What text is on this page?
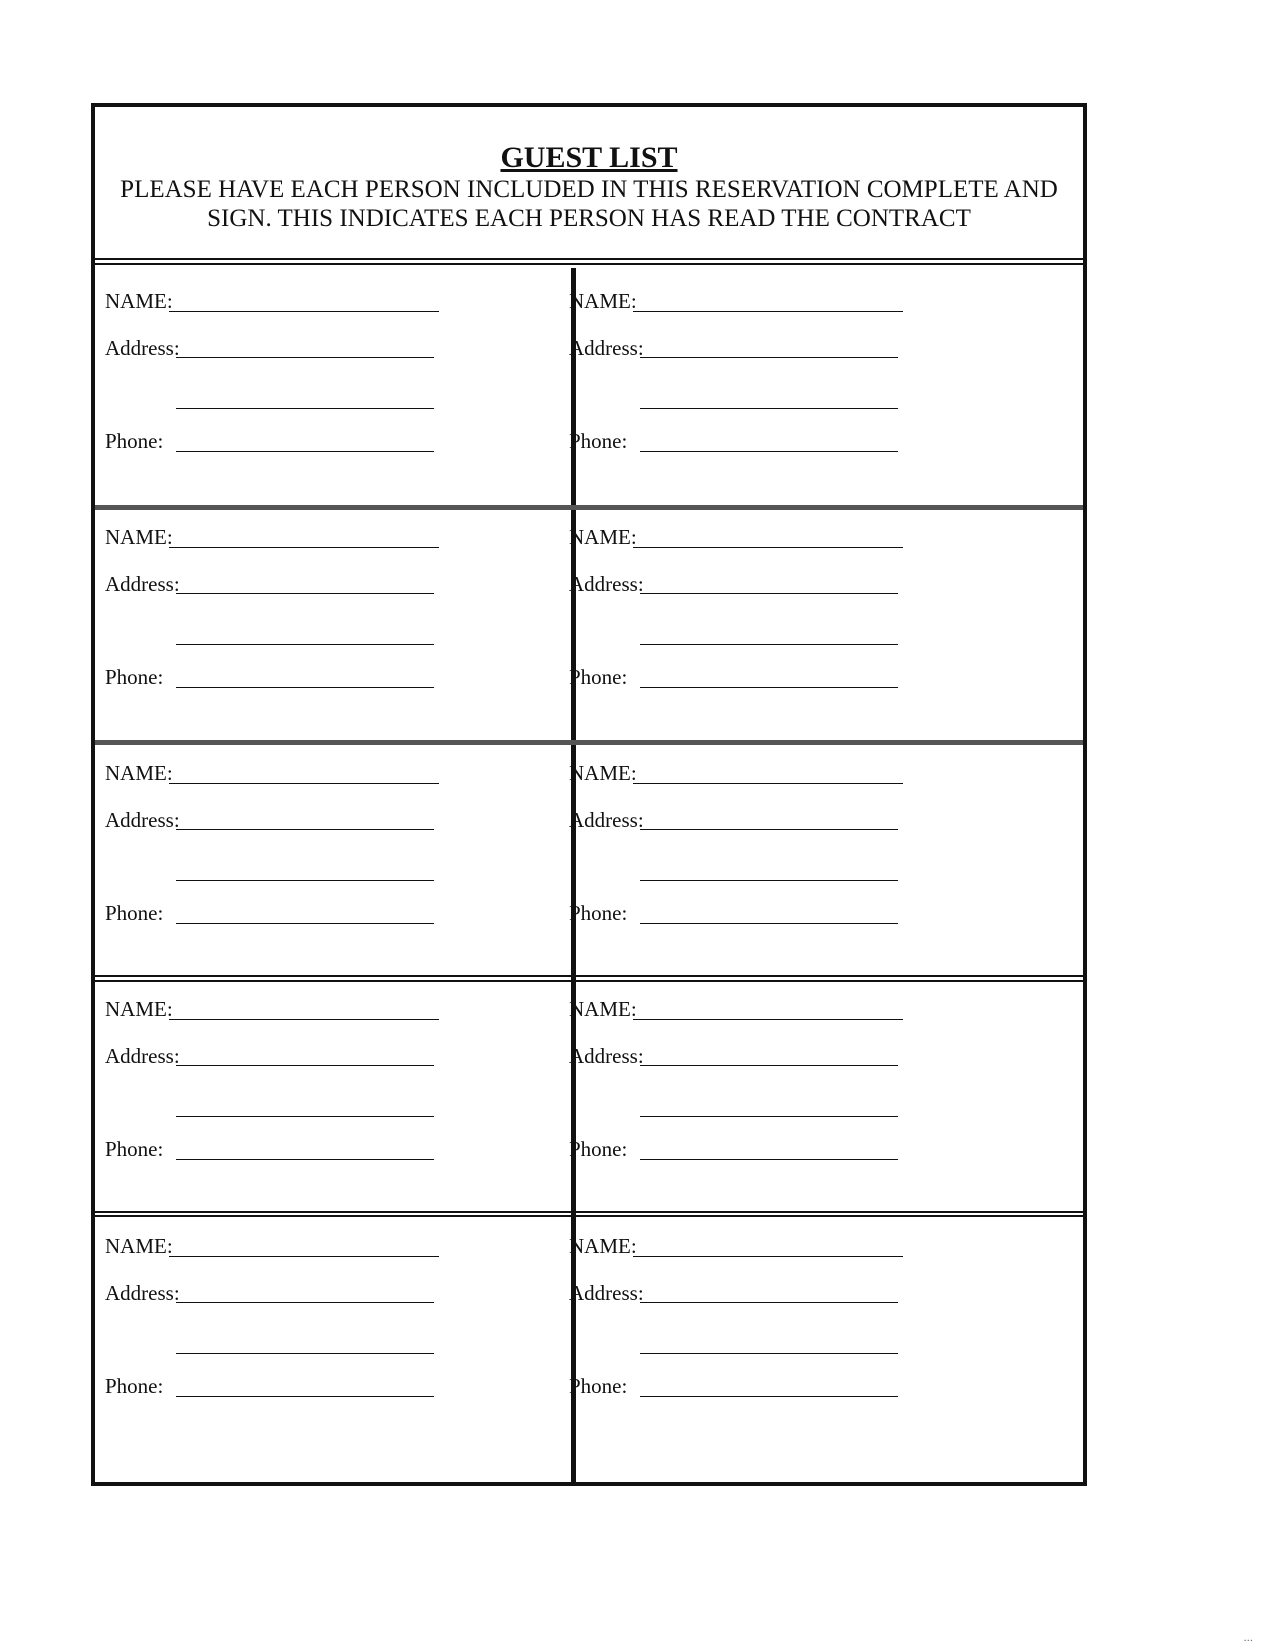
GUEST LIST
PLEASE HAVE EACH PERSON INCLUDED IN THIS RESERVATION COMPLETE AND SIGN. THIS INDICATES EACH PERSON HAS READ THE CONTRACT
NAME:
Address:
Phone:
NAME:
Address:
Phone:
NAME:
Address:
Phone:
NAME:
Address:
Phone:
NAME:
Address:
Phone:
NAME:
Address:
Phone:
NAME:
Address:
Phone:
NAME:
Address:
Phone:
NAME:
Address:
Phone:
NAME:
Address:
Phone:
...
